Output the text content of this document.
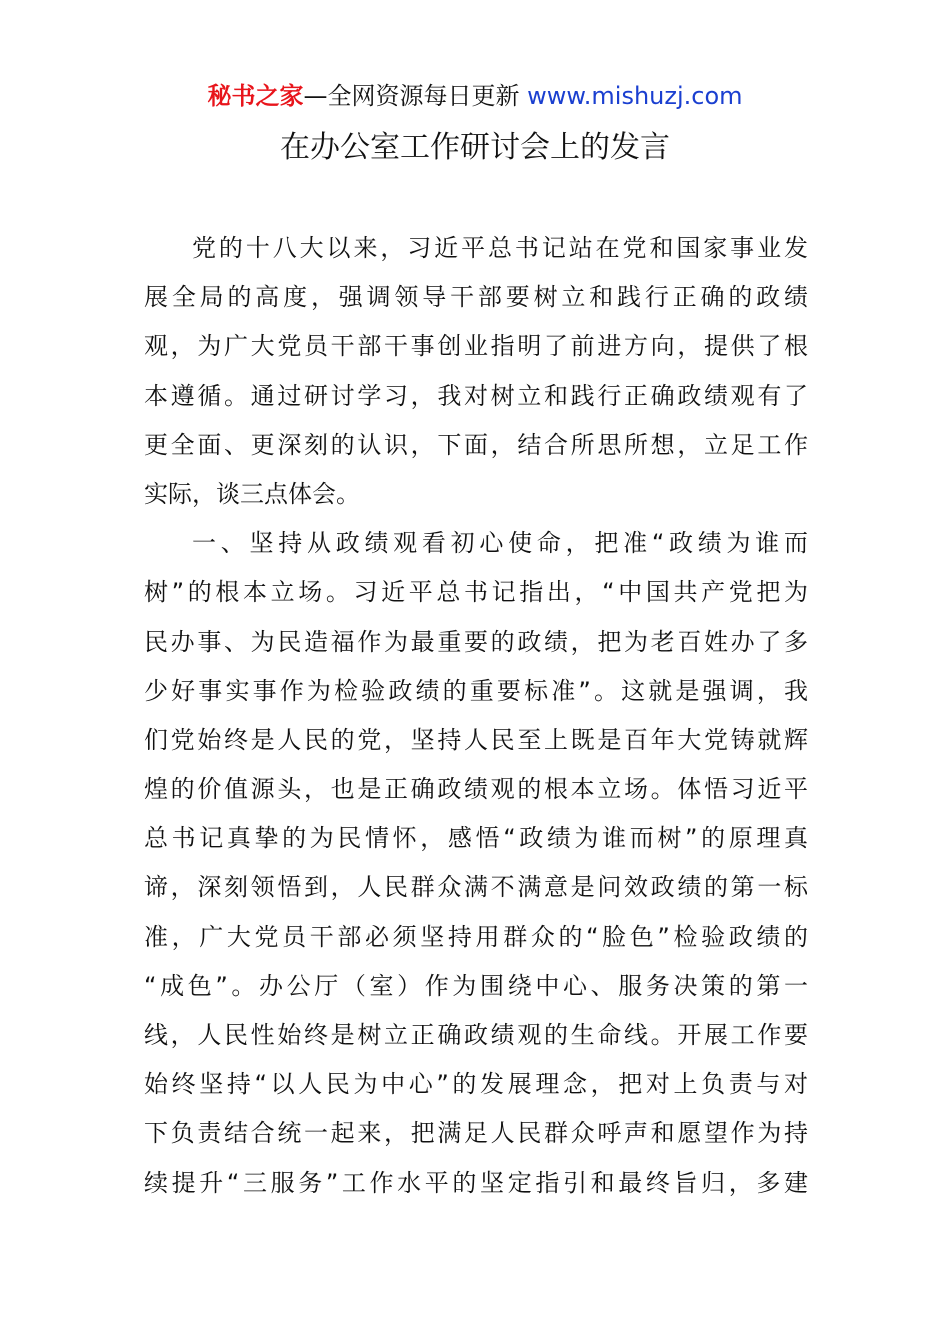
秘书之家—全网资源每日更新 www.mishuzj.com
在办公室工作研讨会上的发言
党的十八大以来，习近平总书记站在党和国家事业发
展全局的高度，强调领导干部要树立和践行正确的政绩
观，为广大党员干部干事创业指明了前进方向，提供了根
本遵循。通过研讨学习，我对树立和践行正确政绩观有了
更全面、更深刻的认识，下面，结合所思所想，立足工作
实际，谈三点体会。
一、坚持从政绩观看初心使命，把准“政绩为谁而
树”的根本立场。习近平总书记指出，“中国共产党把为
民办事、为民造福作为最重要的政绩，把为老百姓办了多
少好事实事作为检验政绩的重要标准”。这就是强调，我
们党始终是人民的党，坚持人民至上既是百年大党铸就辉
煌的价值源头，也是正确政绩观的根本立场。体悟习近平
总书记真挚的为民情怀，感悟“政绩为谁而树”的原理真
谛，深刻领悟到，人民群众满不满意是问效政绩的第一标
准，广大党员干部必须坚持用群众的“脸色”检验政绩的
“成色”。办公厅（室）作为围绕中心、服务决策的第一
线，人民性始终是树立正确政绩观的生命线。开展工作要
始终坚持“以人民为中心”的发展理念，把对上负责与对
下负责结合统一起来，把满足人民群众呼声和愿望作为持
续提升“三服务”工作水平的坚定指引和最终旨归，多建
